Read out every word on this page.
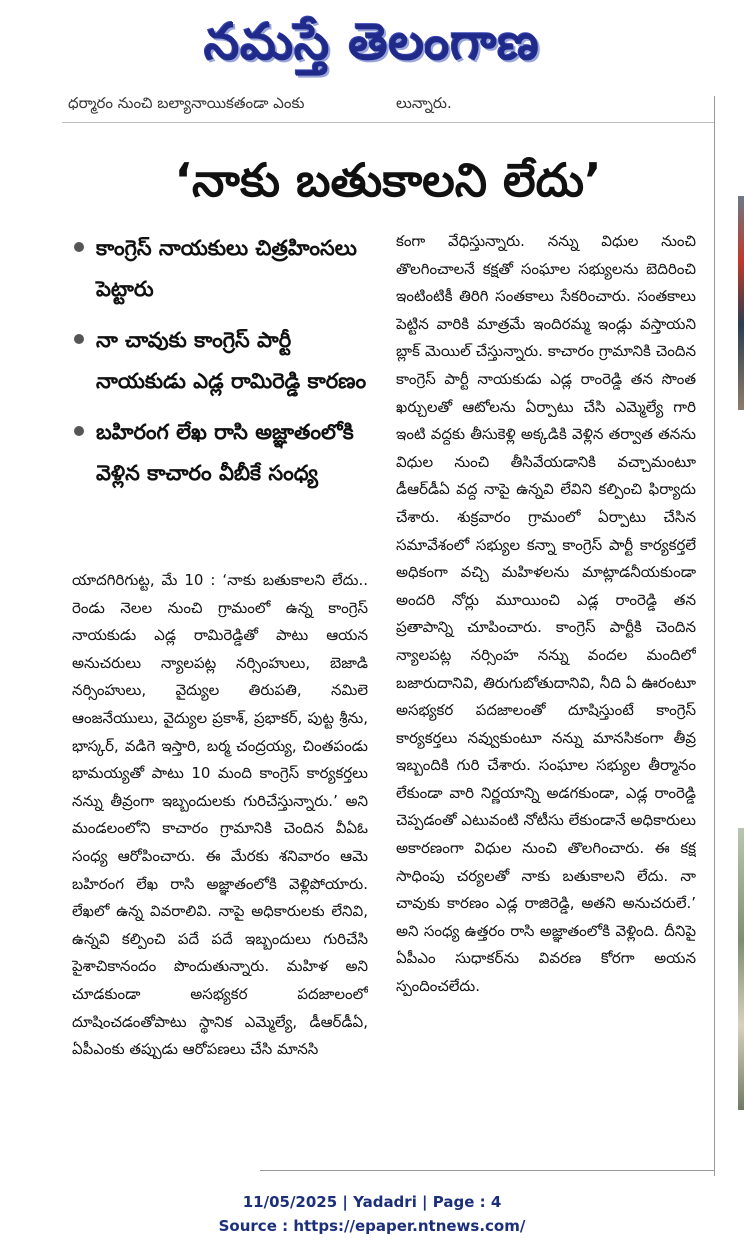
నమస్తే తెలంగాణ
ధర్మారం నుంచి బల్యానాయికతండా ఎంకు	లున్నారు.
‘నాకు బతుకాలని లేదు’
కాంగ్రెస్ నాయకులు చిత్రహింసలు పెట్టారు
నా చావుకు కాంగ్రెస్ పార్టీ నాయకుడు ఎడ్ల రామిరెడ్డి కారణం
బహిరంగ లేఖ రాసి అజ్ఞాతంలోకి వెళ్లిన కాచారం వీబీకే సంధ్య
యాదగిరిగుట్ట, మే 10 : ‘నాకు బతుకాలని లేదు.. రెండు నెలల నుంచి గ్రామంలో ఉన్న కాంగ్రెస్ నాయకుడు ఎడ్ల రామిరెడ్డితో పాటు ఆయన అనుచరులు న్యాలపట్ల నర్సింహులు, బెజాడి నర్సింహులు, వైద్యుల తిరుపతి, నమిలె ఆంజనేయులు, వైద్యుల ప్రకాశ్, ప్రభాకర్, పుట్ట శ్రీను, భాస్కర్, వడిగె ఇస్తారి, బర్మ చంద్రయ్య, చింతపండు భామయ్యతో పాటు 10 మంది కాంగ్రెస్ కార్యకర్తలు నన్ను తీవ్రంగా ఇబ్బందులకు గురిచేస్తున్నారు.’ అని మండలంలోని కాచారం గ్రామానికి చెందిన వీఏఓ సంధ్య ఆరోపించారు. ఈ మేరకు శనివారం ఆమె బహిరంగ లేఖ రాసి అజ్ఞాతంలోకి వెళ్లిపోయారు. లేఖలో ఉన్న వివరాలివి. నాపై అధికారులకు లేనివి, ఉన్నవి కల్పించి పదే పదే ఇబ్బందులు గురిచేసి పైశాచికానందం పొందుతున్నారు. మహిళ అని చూడకుండా అసభ్యకర పదజాలంలో దూషించడంతోపాటు స్థానిక ఎమ్మెల్యే, డీఆర్‌డీఏ, ఏపీఎంకు తప్పుడు ఆరోపణలు చేసి మానసి
కంగా వేధిస్తున్నారు. నన్ను విధుల నుంచి తొలగించాలనే కక్షతో సంఘాల సభ్యులను బెదిరించి ఇంటింటికీ తిరిగి సంతకాలు సేకరించారు. సంతకాలు పెట్టిన వారికి మాత్రమే ఇందిరమ్మ ఇండ్లు వస్తాయని బ్లాక్ మెయిల్ చేస్తున్నారు. కాచారం గ్రామానికి చెందిన కాంగ్రెస్ పార్టీ నాయకుడు ఎడ్ల రాంరెడ్డి తన సొంత ఖర్చులతో ఆటోలను ఏర్పాటు చేసి ఎమ్మెల్యే గారి ఇంటి వద్దకు తీసుకెళ్లి అక్కడికి వెళ్లిన తర్వాత తనను విధుల నుంచి తీసివేయడానికి వచ్చామంటూ డీఆర్‌డీఏ వద్ద నాపై ఉన్నవి లేవిని కల్పించి ఫిర్యాదు చేశారు. శుక్రవారం గ్రామంలో ఏర్పాటు చేసిన సమావేశంలో సభ్యుల కన్నా కాంగ్రెస్ పార్టీ కార్యకర్తలే అధికంగా వచ్చి మహిళలను మాట్లాడనీయకుండా అందరి నోర్లు మూయించి ఎడ్ల రాంరెడ్డి తన ప్రతాపాన్ని చూపించారు. కాంగ్రెస్ పార్టీకి చెందిన న్యాలపట్ల నర్సింహ నన్ను వందల మందిలో బజారుదానివి, తిరుగుబోతుదానివి, నీది ఏ ఊరంటూ అసభ్యకర పదజాలంతో దూషిస్తుంటే కాంగ్రెస్ కార్యకర్తలు నవ్వుకుంటూ నన్ను మానసికంగా తీవ్ర ఇబ్బందికి గురి చేశారు. సంఘాల సభ్యుల తీర్మానం లేకుండా వారి నిర్ణయాన్ని అడగకుండా, ఎడ్ల రాంరెడ్డి చెప్పడంతో ఎటువంటి నోటీసు లేకుండానే అధికారులు అకారణంగా విధుల నుంచి తొలగించారు. ఈ కక్ష సాధింపు చర్యలతో నాకు బతుకాలని లేదు. నా చావుకు కారణం ఎడ్ల రాజిరెడ్డి, అతని అనుచరులే.’ అని సంధ్య ఉత్తరం రాసి అజ్ఞాతంలోకి వెళ్లింది. దీనిపై ఏపీఎం సుధాకర్‌ను వివరణ కోరగా అయన స్పందించలేదు.
11/05/2025 | Yadadri | Page : 4
Source : https://epaper.ntnews.com/
